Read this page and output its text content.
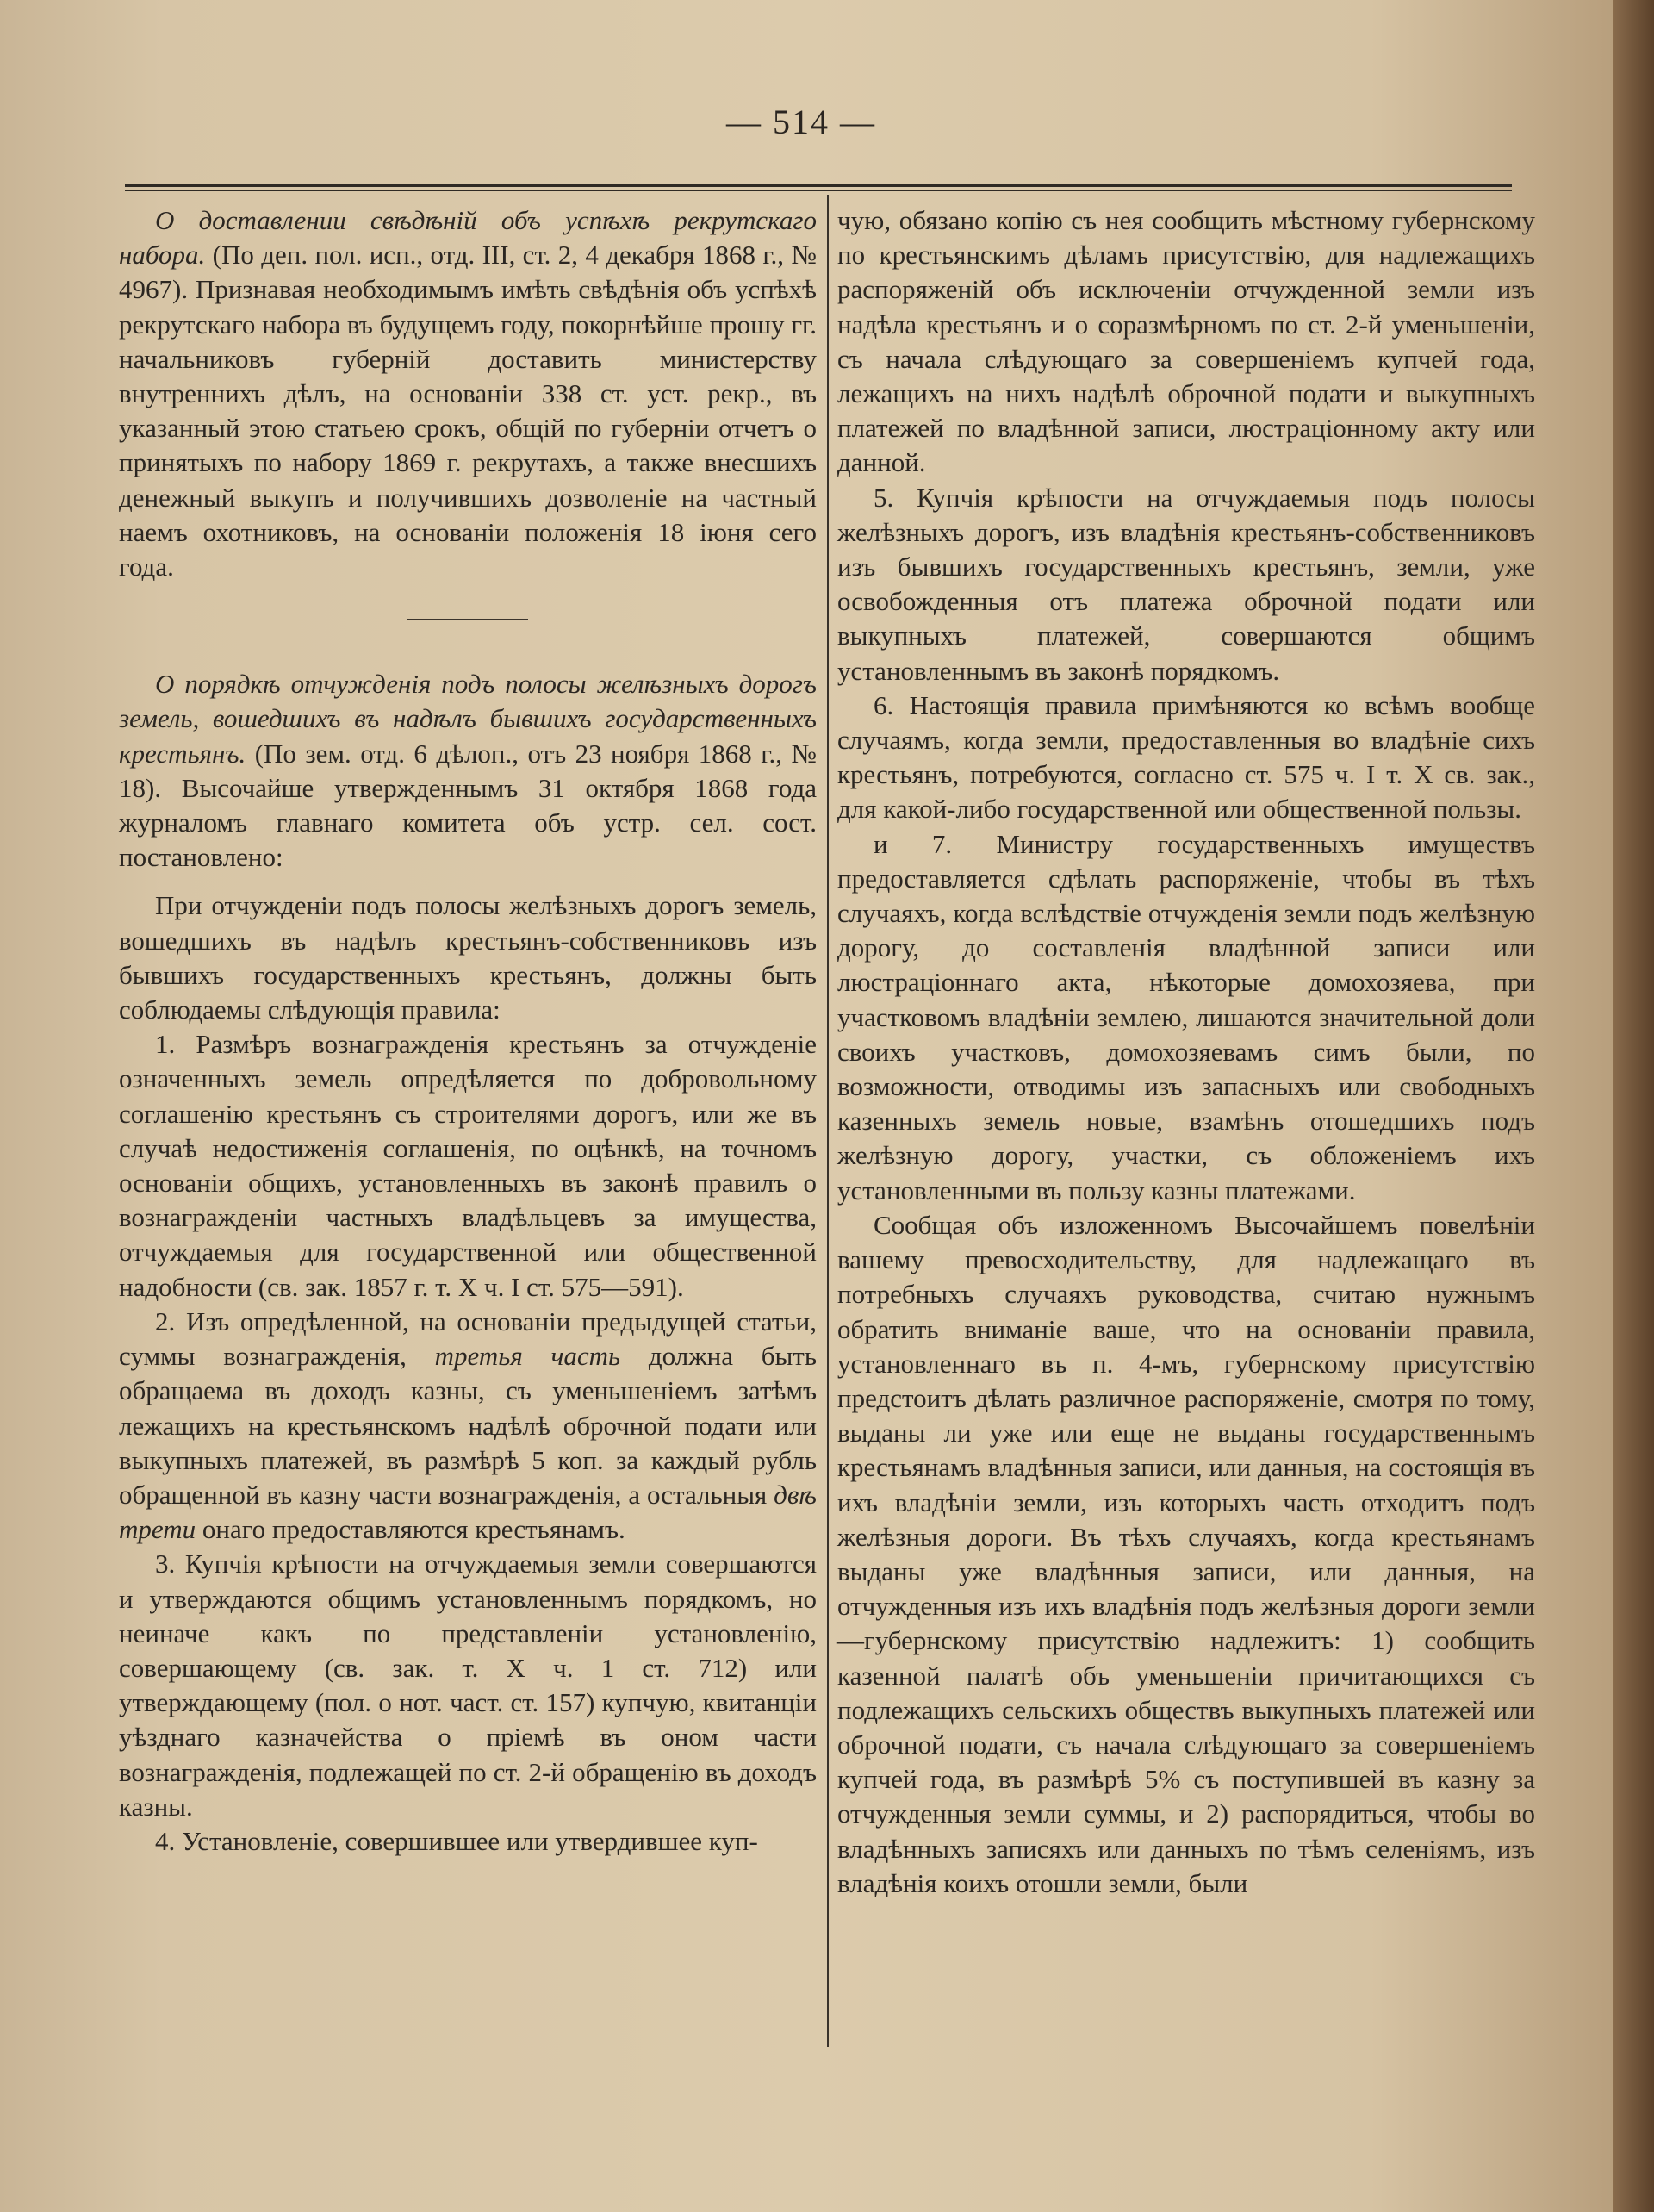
— 514 —

О доставлении свѣдѣній объ успѣхѣ рекрутскаго набора. (По деп. пол. исп., отд. III, ст. 2, 4 декабря 1868 г., № 4967). Признавая необходимымъ имѣть свѣдѣнія объ успѣхѣ рекрутскаго набора въ будущемъ году, покорнѣйше прошу гг. начальниковъ губерній доставить министерству внутреннихъ дѣлъ, на основаніи 338 ст. уст. рекр., въ указанный этою статьею срокъ, общій по губерніи отчетъ о принятыхъ по набору 1869 г. рекрутахъ, а также внесшихъ денежный выкупъ и получившихъ дозволеніе на частный наемъ охотниковъ, на основаніи положенія 18 іюня сего года.

О порядкѣ отчужденія подъ полосы желѣзныхъ дорогъ земель, вошедшихъ въ надѣлъ бывшихъ государственныхъ крестьянъ. (По зем. отд. 6 дѣлоп., отъ 23 ноября 1868 г., № 18). Высочайше утвержденнымъ 31 октября 1868 года журналомъ главнаго комитета объ устр. сел. сост. постановлено:

При отчужденіи подъ полосы желѣзныхъ дорогъ земель, вошедшихъ въ надѣлъ крестьянъ-собственниковъ изъ бывшихъ государственныхъ крестьянъ, должны быть соблюдаемы слѣдующія правила:

1. Размѣръ вознагражденія крестьянъ за отчужденіе означенныхъ земель опредѣляется по добровольному соглашенію крестьянъ съ строителями дорогъ, или же въ случаѣ недостиженія соглашенія, по оцѣнкѣ, на точномъ основаніи общихъ, установленныхъ въ законѣ правилъ о вознагражденіи частныхъ владѣльцевъ за имущества, отчуждаемыя для государственной или общественной надобности (св. зак. 1857 г. т. X ч. I ст. 575—591).

2. Изъ опредѣленной, на основаніи предыдущей статьи, суммы вознагражденія, третья часть должна быть обращаема въ доходъ казны, съ уменьшеніемъ затѣмъ лежащихъ на крестьянскомъ надѣлѣ оброчной подати или выкупныхъ платежей, въ размѣрѣ 5 коп. за каждый рубль обращенной въ казну части вознагражденія, а остальныя двѣ трети онаго предоставляются крестьянамъ.

3. Купчія крѣпости на отчуждаемыя земли совершаются и утверждаются общимъ установленнымъ порядкомъ, но неиначе какъ по представленіи установленію, совершающему (св. зак. т. X ч. 1 ст. 712) или утверждающему (пол. о нот. част. ст. 157) купчую, квитанціи уѣзднаго казначейства о пріемѣ въ оном части вознагражденія, подлежащей по ст. 2-й обращенію въ доходъ казны.

4. Установленіе, совершившее или утвердившее куп-

чую, обязано копію съ нея сообщить мѣстному губернскому по крестьянскимъ дѣламъ присутствію, для надлежащихъ распоряженій объ исключеніи отчужденной земли изъ надѣла крестьянъ и о соразмѣрномъ по ст. 2-й уменьшеніи, съ начала слѣдующаго за совершеніемъ купчей года, лежащихъ на нихъ надѣлѣ оброчной подати и выкупныхъ платежей по владѣнной записи, люстраціонному акту или данной.

5. Купчія крѣпости на отчуждаемыя подъ полосы желѣзныхъ дорогъ, изъ владѣнія крестьянъ-собственниковъ изъ бывшихъ государственныхъ крестьянъ, земли, уже освобожденныя отъ платежа оброчной подати или выкупныхъ платежей, совершаются общимъ установленнымъ въ законѣ порядкомъ.

6. Настоящія правила примѣняются ко всѣмъ вообще случаямъ, когда земли, предоставленныя во владѣніе сихъ крестьянъ, потребуются, согласно ст. 575 ч. I т. X св. зак., для какой-либо государственной или общественной пользы.

и 7. Министру государственныхъ имуществъ предоставляется сдѣлать распоряженіе, чтобы въ тѣхъ случаяхъ, когда вслѣдствіе отчужденія земли подъ желѣзную дорогу, до составленія владѣнной записи или люстраціоннаго акта, нѣкоторые домохозяева, при участковомъ владѣніи землею, лишаются значительной доли своихъ участковъ, домохозяевамъ симъ были, по возможности, отводимы изъ запасныхъ или свободныхъ казенныхъ земель новые, взамѣнъ отошедшихъ подъ желѣзную дорогу, участки, съ обложеніемъ ихъ установленными въ пользу казны платежами.

Сообщая объ изложенномъ Высочайшемъ повелѣніи вашему превосходительству, для надлежащаго въ потребныхъ случаяхъ руководства, считаю нужнымъ обратить вниманіе ваше, что на основаніи правила, установленнаго въ п. 4-мъ, губернскому присутствію предстоитъ дѣлать различное распоряженіе, смотря по тому, выданы ли уже или еще не выданы государственнымъ крестьянамъ владѣнныя записи, или данныя, на состоящія въ ихъ владѣніи земли, изъ которыхъ часть отходитъ подъ желѣзныя дороги. Въ тѣхъ случаяхъ, когда крестьянамъ выданы уже владѣнныя записи, или данныя, на отчужденныя изъ ихъ владѣнія подъ желѣзныя дороги земли—губернскому присутствію надлежитъ: 1) сообщить казенной палатѣ объ уменьшеніи причитающихся съ подлежащихъ сельскихъ обществъ выкупныхъ платежей или оброчной подати, съ начала слѣдующаго за совершеніемъ купчей года, въ размѣрѣ 5% съ поступившей въ казну за отчужденныя земли суммы, и 2) распорядиться, чтобы во владѣнныхъ записяхъ или данныхъ по тѣмъ селеніямъ, изъ владѣнія коихъ отошли земли, были
